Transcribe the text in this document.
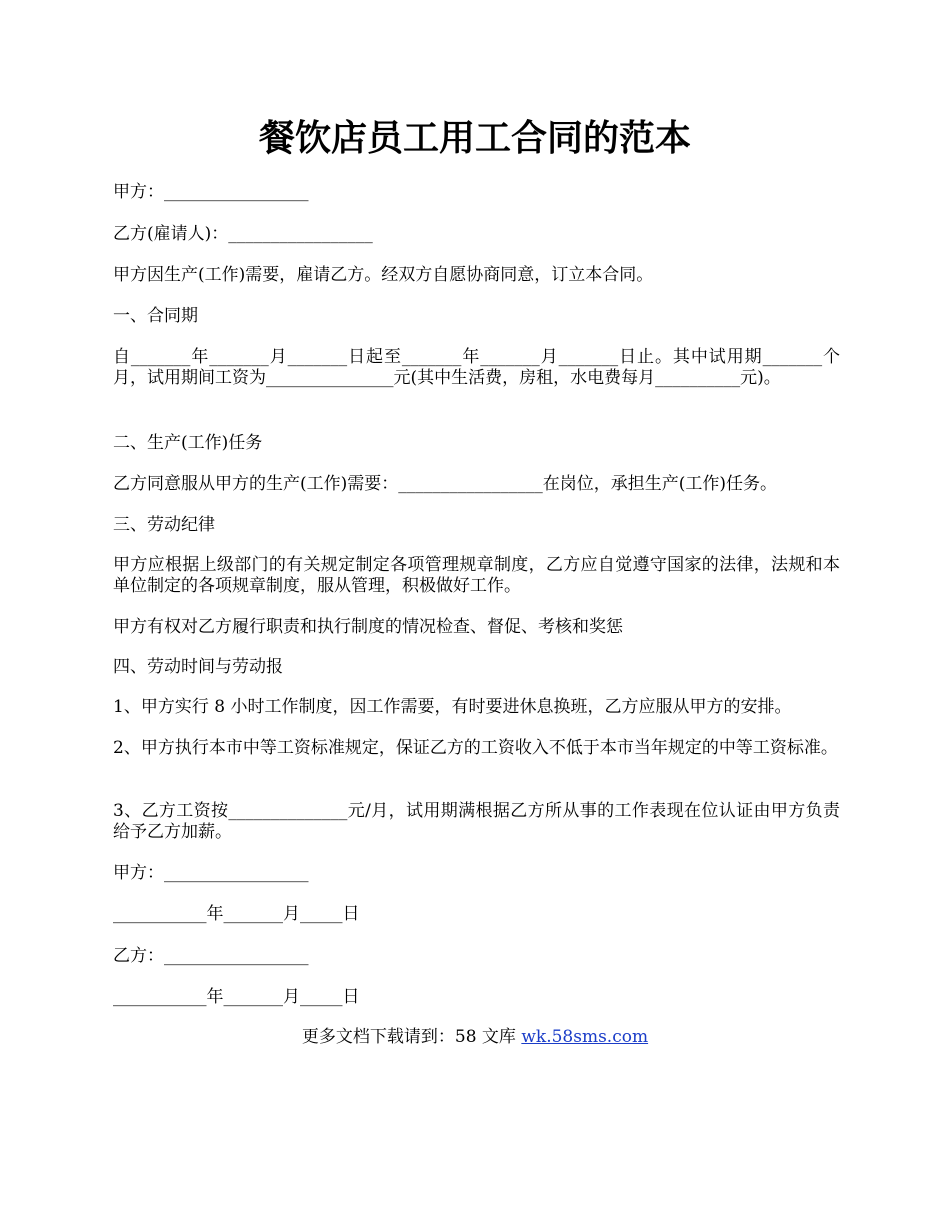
餐饮店员工用工合同的范本

甲方：_________________

乙方(雇请人)：_________________

甲方因生产(工作)需要，雇请乙方。经双方自愿协商同意，订立本合同。

一、合同期

自_______年_______月_______日起至_______年_______月_______日止。其中试用期_______个月，试用期间工资为_______________元(其中生活费，房租，水电费每月__________元)。

二、生产(工作)任务

乙方同意服从甲方的生产(工作)需要：_________________在岗位，承担生产(工作)任务。

三、劳动纪律

甲方应根据上级部门的有关规定制定各项管理规章制度，乙方应自觉遵守国家的法律，法规和本单位制定的各项规章制度，服从管理，积极做好工作。

甲方有权对乙方履行职责和执行制度的情况检查、督促、考核和奖惩

四、劳动时间与劳动报

1、甲方实行 8 小时工作制度，因工作需要，有时要进休息换班，乙方应服从甲方的安排。

2、甲方执行本市中等工资标准规定，保证乙方的工资收入不低于本市当年规定的中等工资标准。

3、乙方工资按______________元/月，试用期满根据乙方所从事的工作表现在位认证由甲方负责给予乙方加薪。

甲方：_________________

___________年_______月_____日

乙方：_________________

___________年_______月_____日

更多文档下载请到：58 文库 wk.58sms.com
